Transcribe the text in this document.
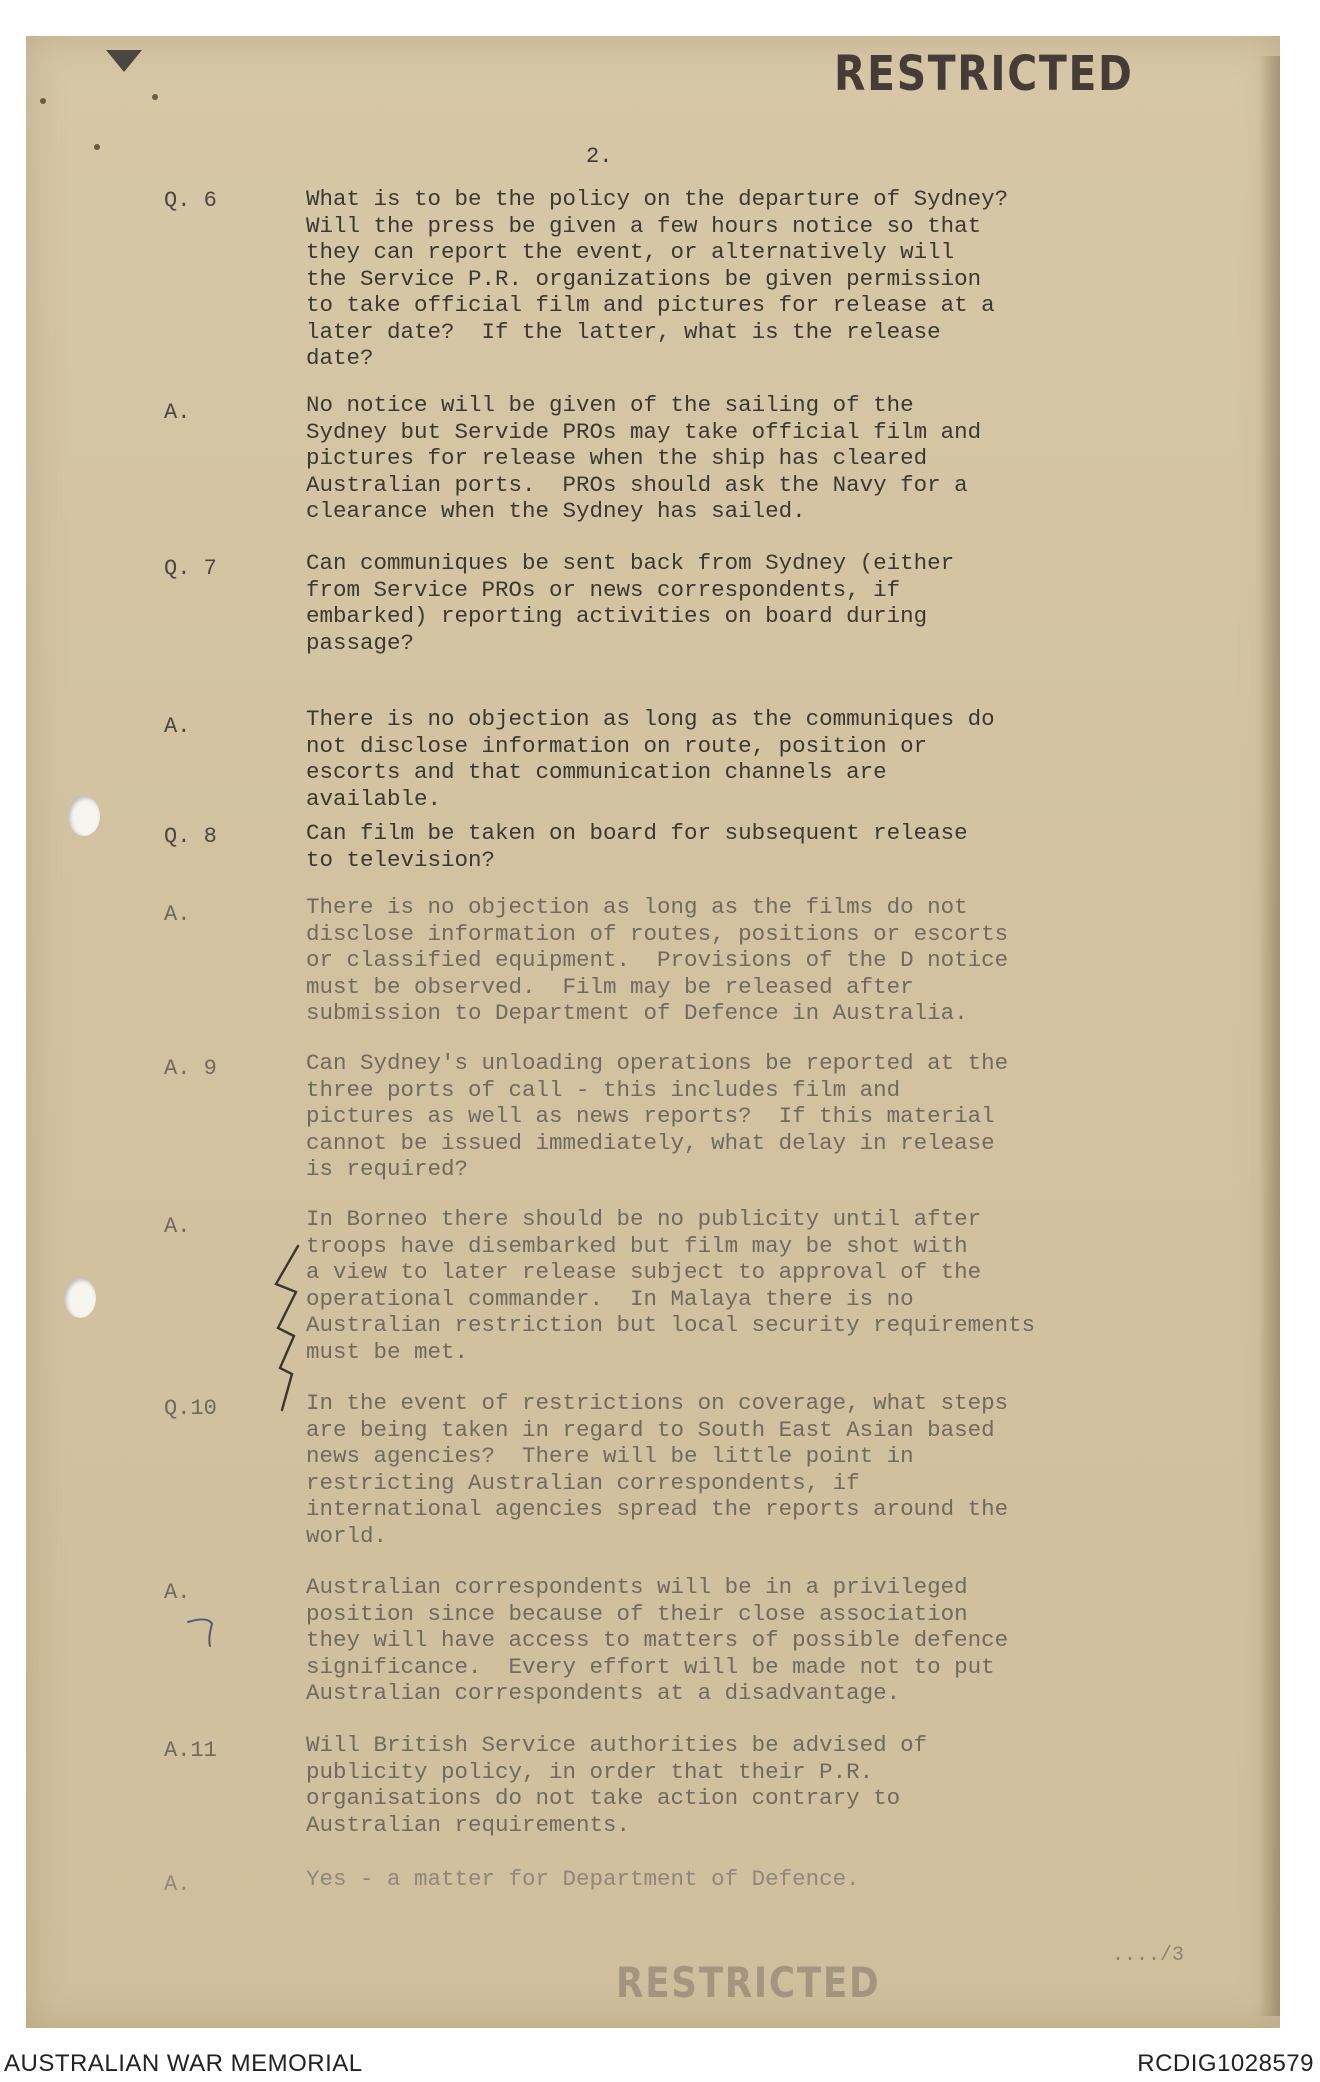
RESTRICTED
2.
Q. 6	What is to be the policy on the departure of Sydney?
Will the press be given a few hours notice so that
they can report the event, or alternatively will
the Service P.R. organizations be given permission
to take official film and pictures for release at a
later date?  If the latter, what is the release
date?
A.	No notice will be given of the sailing of the
Sydney but Servide PROs may take official film and
pictures for release when the ship has cleared
Australian ports.  PROs should ask the Navy for a
clearance when the Sydney has sailed.
Q. 7	Can communiques be sent back from Sydney (either
from Service PROs or news correspondents, if
embarked) reporting activities on board during
passage?
A.	There is no objection as long as the communiques do
not disclose information on route, position or
escorts and that communication channels are
available.
Q. 8	Can film be taken on board for subsequent release
to television?
A.	There is no objection as long as the films do not
disclose information of routes, positions or escorts
or classified equipment.  Provisions of the D notice
must be observed.  Film may be released after
submission to Department of Defence in Australia.
A. 9	Can Sydney's unloading operations be reported at the
three ports of call - this includes film and
pictures as well as news reports?  If this material
cannot be issued immediately, what delay in release
is required?
A.	In Borneo there should be no publicity until after
troops have disembarked but film may be shot with
a view to later release subject to approval of the
operational commander.  In Malaya there is no
Australian restriction but local security requirements
must be met.
Q.10	In the event of restrictions on coverage, what steps
are being taken in regard to South East Asian based
news agencies?  There will be little point in
restricting Australian correspondents, if
international agencies spread the reports around the
world.
A.	Australian correspondents will be in a privileged
position since because of their close association
they will have access to matters of possible defence
significance.  Every effort will be made not to put
Australian correspondents at a disadvantage.
A.11	Will British Service authorities be advised of
publicity policy, in order that their P.R.
organisations do not take action contrary to
Australian requirements.
A.	Yes - a matter for Department of Defence.
..../3
RESTRICTED
AUSTRALIAN WAR MEMORIAL	RCDIG1028579
